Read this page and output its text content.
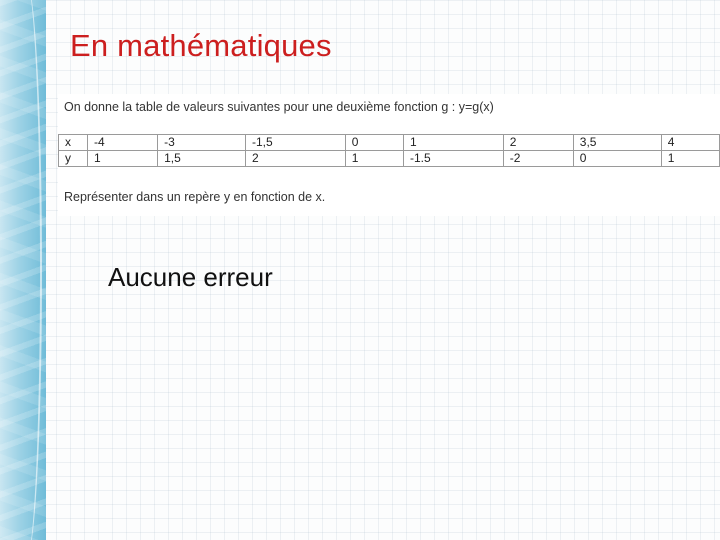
En mathématiques
On donne la table de valeurs suivantes pour une deuxième fonction g : y=g(x)
x	-4	-3	-1,5	0	1	2	3,5	4
y	1	1,5	2	1	-1.5	-2	0	1
Représenter dans un repère y en fonction de x.
Aucune erreur
